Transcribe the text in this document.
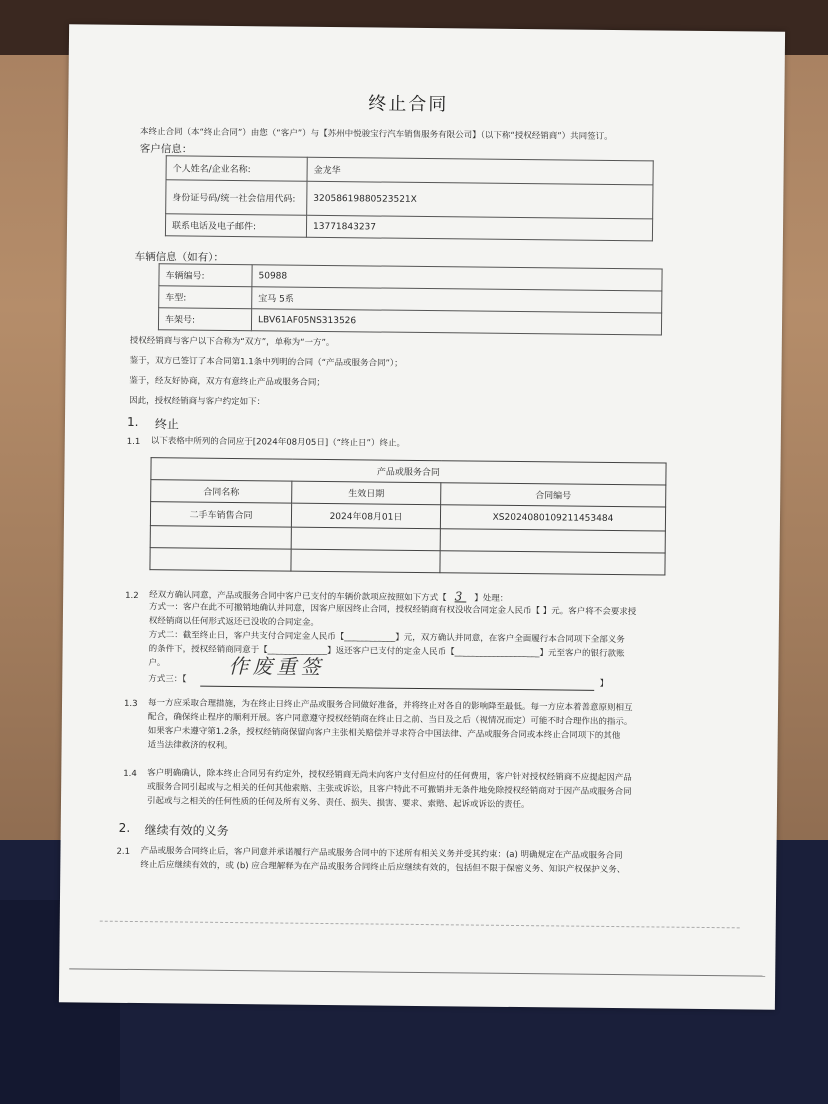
终止合同
本终止合同（本“终止合同”）由您（“客户”）与【苏州中悦骏宝行汽车销售服务有限公司】（以下称“授权经销商”）共同签订。
客户信息：
个人姓名/企业名称:	金龙华
身份证号码/统一社会信用代码:	32058619880523521X
联系电话及电子邮件:	13771843237
车辆信息（如有）：
车辆编号:	50988
车型:	宝马 5系
车架号:	LBV61AF05NS313526
授权经销商与客户以下合称为“双方”，单称为“一方”。
鉴于，双方已签订了本合同第1.1条中列明的合同（“产品或服务合同”）；
鉴于，经友好协商，双方有意终止产品或服务合同；
因此，授权经销商与客户约定如下：
1. 终止
1.1 以下表格中所列的合同应于[2024年08月05日]（“终止日”）终止。
产品或服务合同		
合同名称	生效日期	合同编号
二手车销售合同	2024年08月01日	XS20240801092114534​84

1.2 经双方确认同意，产品或服务合同中客户已支付的车辆价款项应按照如下方式【 3 】处理：
方式一：客户在此不可撤销地确认并同意，因客户原因终止合同，授权经销商有权没收合同定金人民币【 】元。客户将不会要求授
权经销商以任何形式返还已没收的合同定金。
方式二：截至终止日，客户共支付合同定金人民币【____________】元，双方确认并同意，在客户全面履行本合同项下全部义务
的条件下，授权经销商同意于【______________】返还客户已支付的定金人民币【____________________】元至客户的银行款账
户。
方式三：【
作废重签
】
1.3 每一方应采取合理措施，为在终止日终止产品或服务合同做好准备，并将终止对各自的影响降至最低。每一方应本着善意原则相互
配合，确保终止程序的顺利开展。客户同意遵守授权经销商在终止日之前、当日及之后（视情况而定）可能不时合理作出的指示。
如果客户未遵守第1.2条，授权经销商保留向客户主张相关赔偿并寻求符合中国法律、产品或服务合同或本终止合同项下的其他
适当法律救济的权利。
1.4 客户明确确认，除本终止合同另有约定外，授权经销商无尚未向客户支付但应付的任何费用，客户针对授权经销商不应提起因产品
或服务合同引起或与之相关的任何其他索赔、主张或诉讼，且客户特此不可撤销并无条件地免除授权经销商对于因产品或服务合同
引起或与之相关的任何性质的任何及所有义务、责任、损失、损害、要求、索赔、起诉或诉讼的责任。
2. 继续有效的义务
2.1 产品或服务合同终止后，客户同意并承诺履行产品或服务合同中的下述所有相关义务并受其约束：(a) 明确规定在产品或服务合同
终止后应继续有效的，或 (b) 应合理解释为在产品或服务合同终止后应继续有效的，包括但不限于保密义务、知识产权保护义务、
